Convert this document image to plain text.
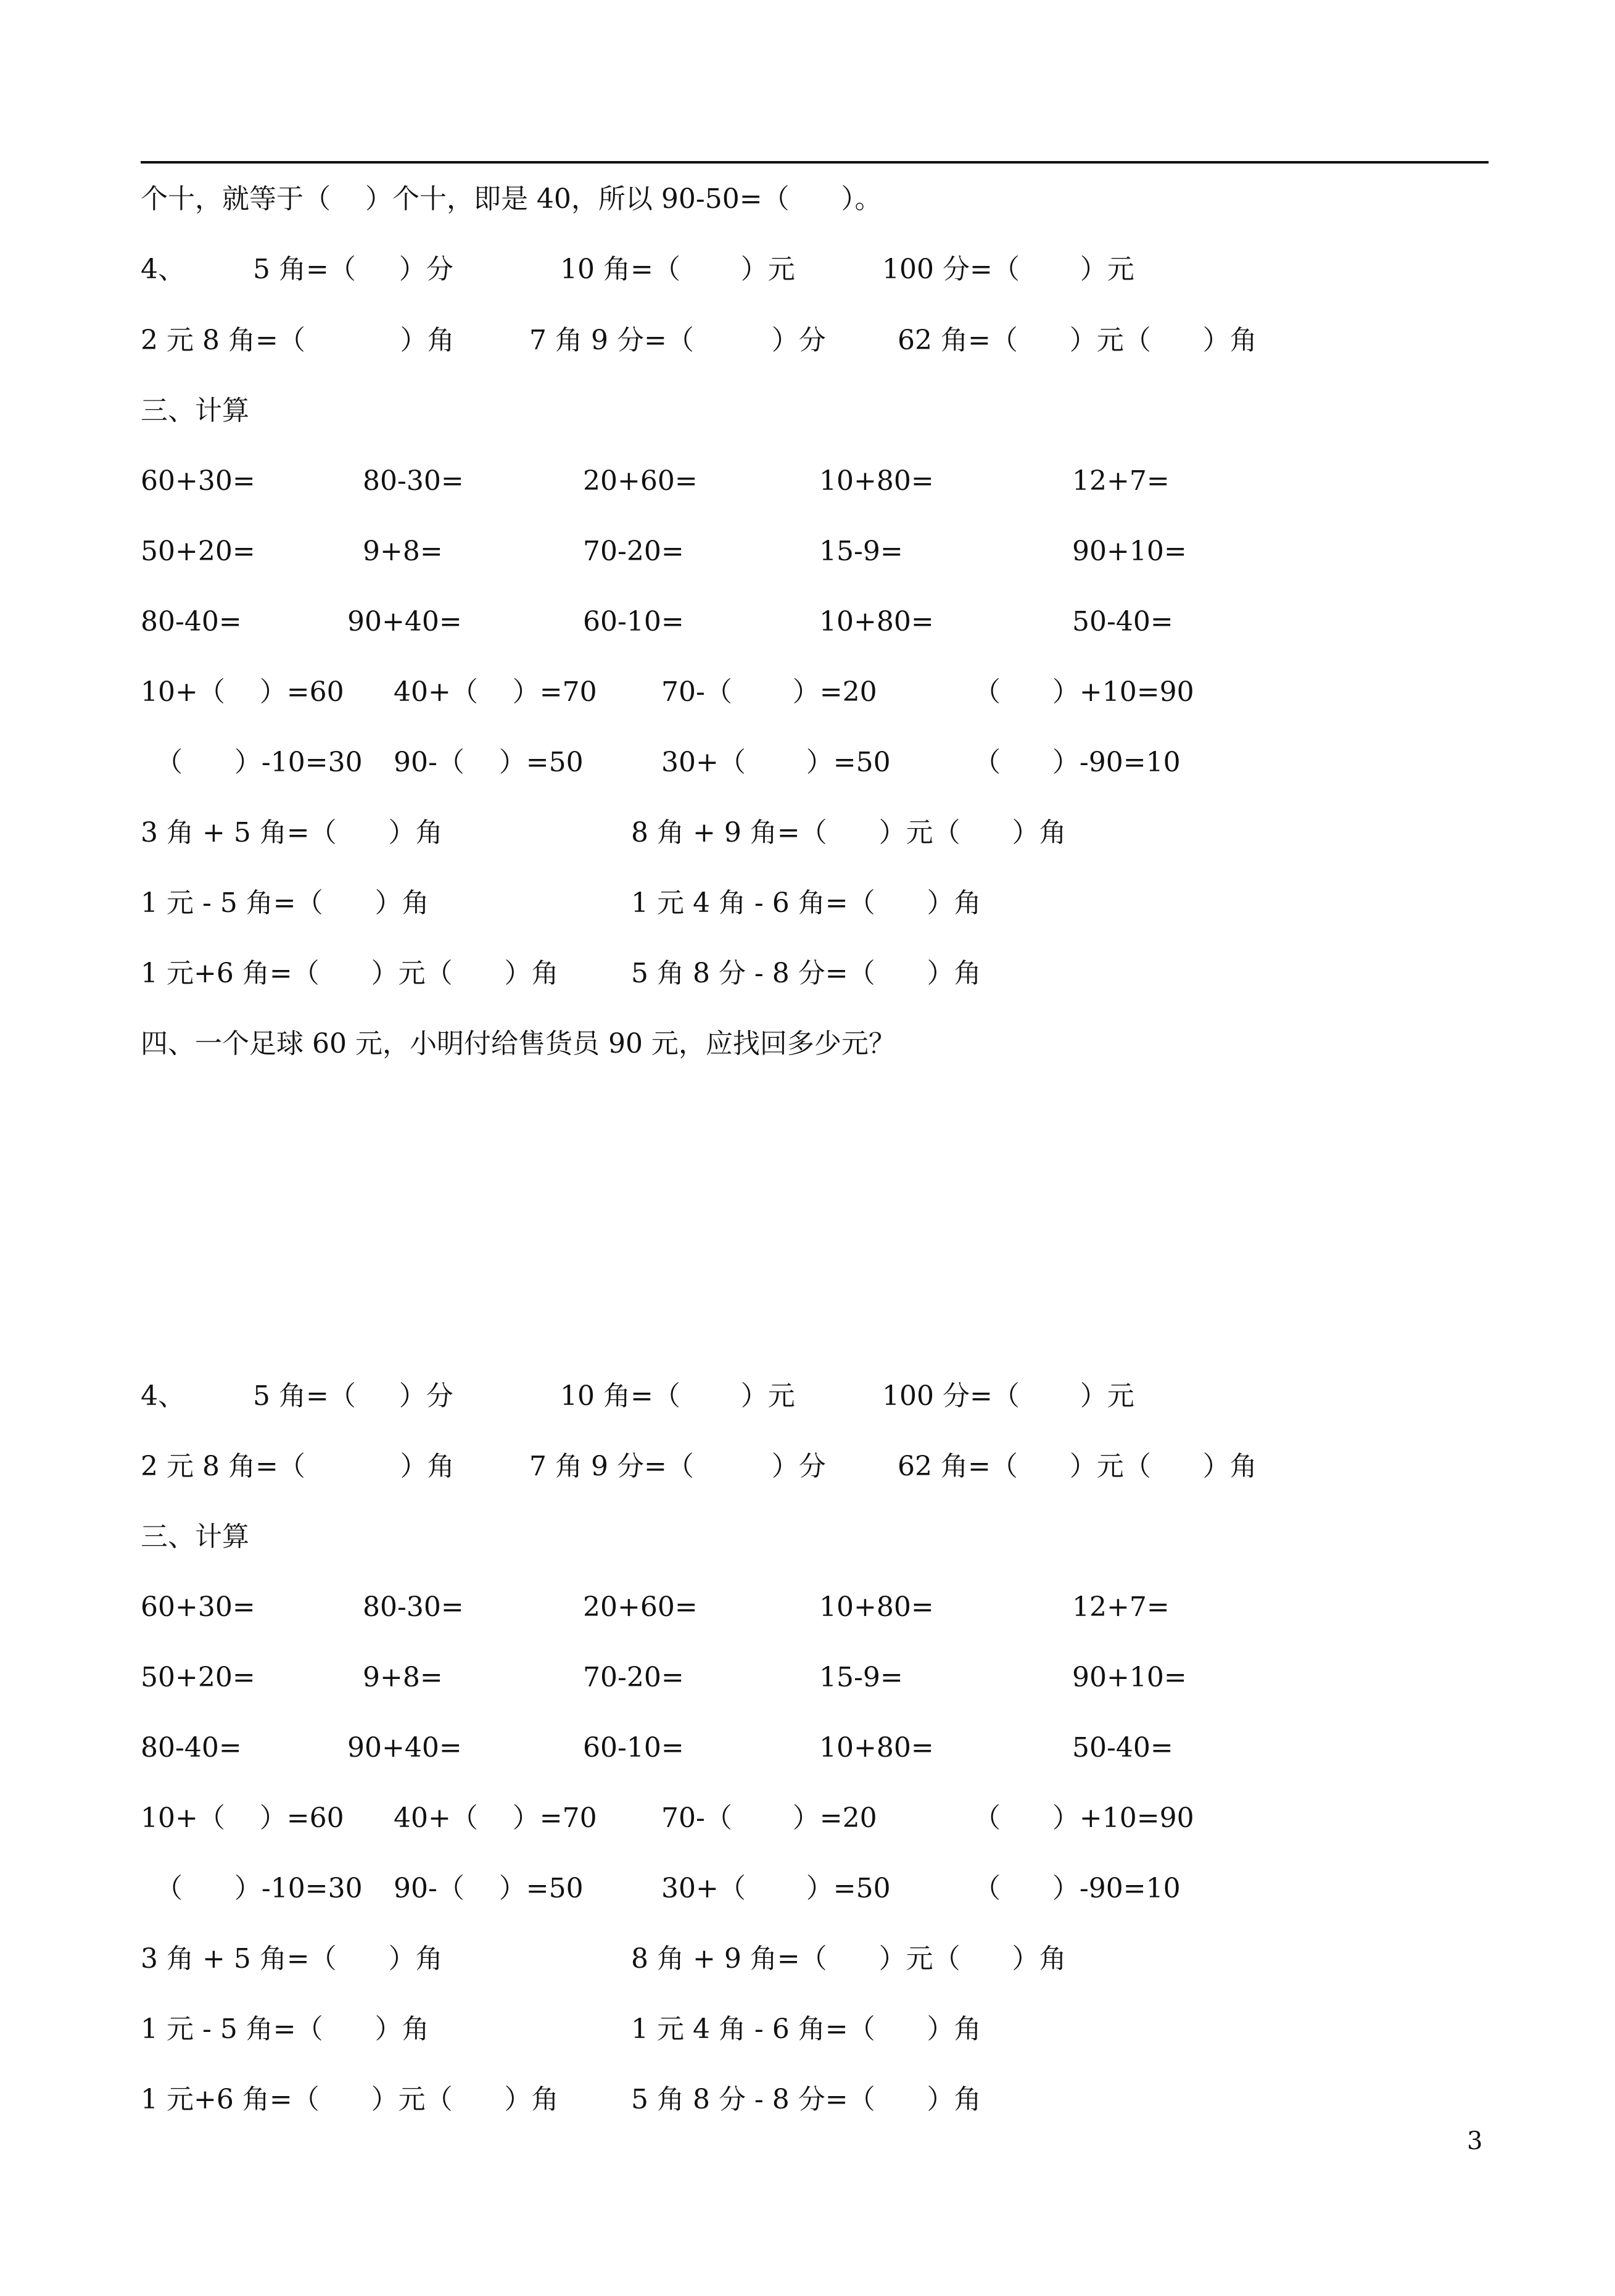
个十，就等于（    ）个十，即是 40，所以 90-50=（      ）。
4、	5 角=（     ）分	10 角=（       ）元	100 分=（       ）元
2 元 8 角=（           ）角	7 角 9 分=（         ）分	62 角=（      ）元（      ）角
三、计算
60+30=	80-30=	20+60=	10+80=	12+7=
50+20=	9+8=	70-20=	15-9=	90+10=
80-40=	90+40=	60-10=	10+80=	50-40=
10+（    ）=60 40+（    ）=70 70-（       ）=20	（      ）+10=90
（      ）-10=30 90-（    ）=50	30+（       ）=50	（      ）-90=10
3 角 + 5 角=（      ）角	8 角 + 9 角=（      ）元（      ）角
1 元 - 5 角=（      ）角	1 元 4 角 - 6 角=（      ）角
1 元+6 角=（      ）元（      ）角	5 角 8 分 - 8 分=（      ）角
四、一个足球 60 元，小明付给售货员 90 元，应找回多少元？
4、	5 角=（     ）分	10 角=（       ）元	100 分=（       ）元
2 元 8 角=（           ）角	7 角 9 分=（         ）分	62 角=（      ）元（      ）角
三、计算
60+30=	80-30=	20+60=	10+80=	12+7=
50+20=	9+8=	70-20=	15-9=	90+10=
80-40=	90+40=	60-10=	10+80=	50-40=
10+（    ）=60 40+（    ）=70 70-（       ）=20	（      ）+10=90
（      ）-10=30 90-（    ）=50	30+（       ）=50	（      ）-90=10
3 角 + 5 角=（      ）角	8 角 + 9 角=（      ）元（      ）角
1 元 - 5 角=（      ）角	1 元 4 角 - 6 角=（      ）角
1 元+6 角=（      ）元（      ）角	5 角 8 分 - 8 分=（      ）角
3
